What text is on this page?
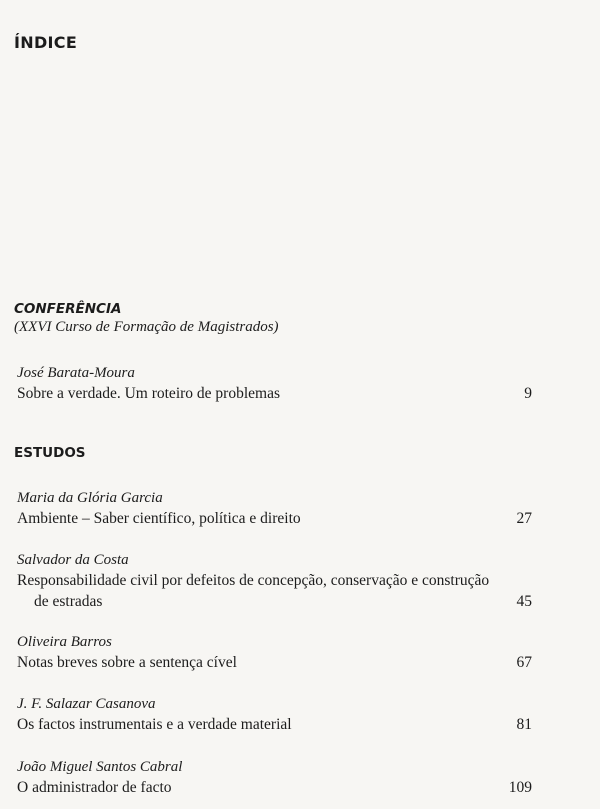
ÍNDICE
CONFERÊNCIA
(XXVI Curso de Formação de Magistrados)
José Barata-Moura
Sobre a verdade. Um roteiro de problemas	9
ESTUDOS
Maria da Glória Garcia
Ambiente – Saber científico, política e direito	27
Salvador da Costa
Responsabilidade civil por defeitos de concepção, conservação e construção
de estradas	45
Oliveira Barros
Notas breves sobre a sentença cível	67
J. F. Salazar Casanova
Os factos instrumentais e a verdade material	81
João Miguel Santos Cabral
O administrador de facto	109
